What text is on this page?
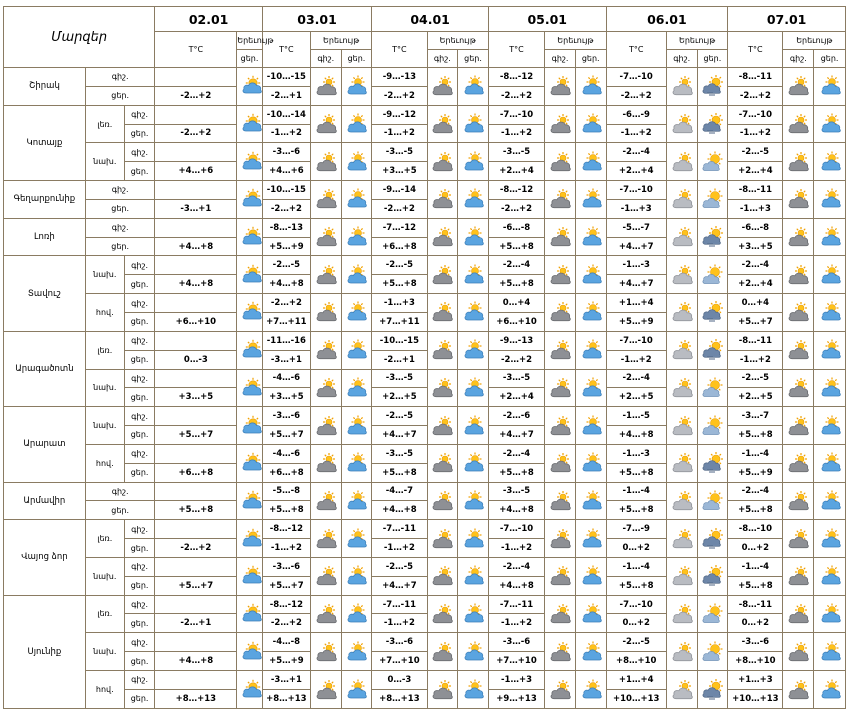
Մարզեր			02.01		03.01			04.01			05.01			06.01			07.01		
			T°C	Երեւույթ	T°C	Երեւույթ		T°C	Երեւույթ		T°C	Երեւույթ		T°C	Երեւույթ		T°C	Երեւույթ	
				ցեր.		գիշ.	ցեր.		գիշ.	ցեր.		գիշ.	ցեր.		գիշ.	ցեր.		գիշ.	ցեր.
Շիրակ	գիշ.				-10…-15			-9…-13			-8…-12			-7…-10			-8…-11	

	ցեր.		-2…+2		-2…+1			-2…+2			-2…+2			-2…+2			-2…+2		
Կոտայք	լեռ.	գիշ.			-10…-14			-9…-12			-7…-10			-6…-9			-7…-10	

		ցեր.	-2…+2		-1…+2			-1…+2			-1…+2			-1…+2			-1…+2		
	նախ.	գիշ.			-3…-6			-3…-5			-3…-5			-2…-4			-2…-5	

		ցեր.	+4…+6		+4…+6			+3…+5			+2…+4			+2…+4			+2…+4		
Գեղարքունիք	գիշ.				-10…-15			-9…-14			-8…-12			-7…-10			-8…-11	

	ցեր.		-3…+1		-2…+2			-2…+2			-2…+2			-1…+3			-1…+3		
Լոռի	գիշ.				-8…-13			-7…-12			-6…-8			-5…-7			-6…-8	

	ցեր.		+4…+8		+5…+9			+6…+8			+5…+8			+4…+7			+3…+5		
Տավուշ	նախ.	գիշ.			-2…-5			-2…-5			-2…-4			-1…-3			-2…-4	

		ցեր.	+4…+8		+4…+8			+5…+8			+5…+8			+4…+7			+2…+4		
	հով.	գիշ.			-2…+2			-1…+3			0…+4			+1…+4			0…+4	

		ցեր.	+6…+10		+7…+11			+7…+11			+6…+10			+5…+9			+5…+7		
Արագածոտն	լեռ.	գիշ.			-11…-16			-10…-15			-9…-13			-7…-10			-8…-11	

		ցեր.	0…-3		-3…+1			-2…+1			-2…+2			-1…+2			-1…+2		
	նախ.	գիշ.			-4…-6			-3…-5			-3…-5			-2…-4			-2…-5	

		ցեր.	+3…+5		+3…+5			+2…+5			+2…+4			+2…+5			+2…+5		
Արարատ	նախ.	գիշ.			-3…-6			-2…-5			-2…-6			-1…-5			-3…-7	

		ցեր.	+5…+7		+5…+7			+4…+7			+4…+7			+4…+8			+5…+8		
	հով.	գիշ.			-4…-6			-3…-5			-2…-4			-1…-3			-1…-4	

		ցեր.	+6…+8		+6…+8			+5…+8			+5…+8			+5…+8			+5…+9		
Արմավիր	գիշ.				-5…-8			-4…-7			-3…-5			-1…-4			-2…-4	

	ցեր.		+5…+8		+5…+8			+4…+8			+4…+8			+5…+8			+5…+8		
Վայոց ձոր	լեռ.	գիշ.			-8…-12			-7…-11			-7…-10			-7…-9			-8…-10	

		ցեր.	-2…+2		-1…+2			-1…+2			-1…+2			0…+2			0…+2		
	նախ.	գիշ.			-3…-6			-2…-5			-2…-4			-1…-4			-1…-4	

		ցեր.	+5…+7		+5…+7			+4…+7			+4…+8			+5…+8			+5…+8		
Սյունիք	լեռ.	գիշ.			-8…-12			-7…-11			-7…-11			-7…-10			-8…-11	

		ցեր.	-2…+1		-2…+2			-1…+2			-1…+2			0…+2			0…+2		
	նախ.	գիշ.			-4…-8			-3…-6			-3…-6			-2…-5			-3…-6	

		ցեր.	+4…+8		+5…+9			+7…+10			+7…+10			+8…+10			+8…+10		
	հով.	գիշ.			-3…+1			0…-3			-1…+3			+1…+4			+1…+3	

		ցեր.	+8…+13		+8…+13			+8…+13			+9…+13			+10…+13			+10…+13		
